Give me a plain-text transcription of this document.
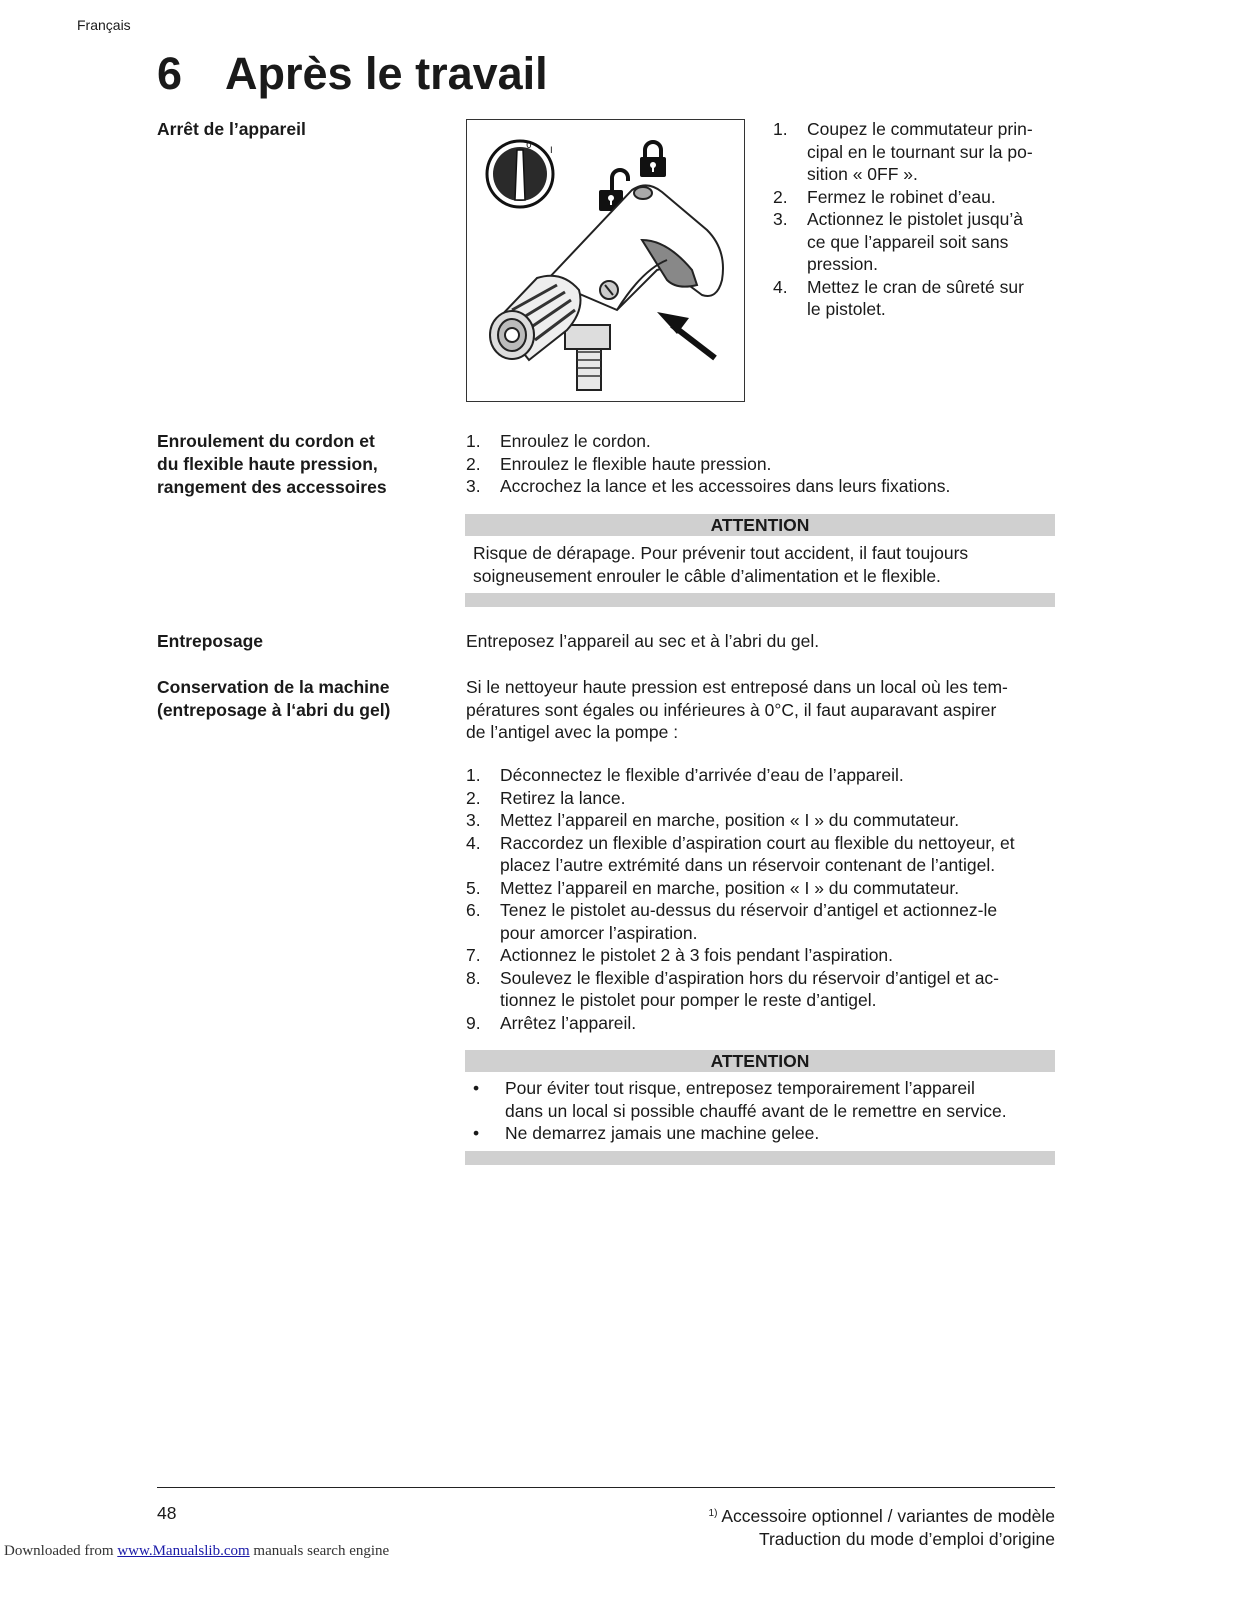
Français
6 Après le travail
Arrêt de l’appareil
0 I
1. Coupez le commutateur prin-
cipal en le tournant sur la po-
sition « 0FF ».
2. Fermez le robinet d’eau.
3. Actionnez le pistolet jusqu’à
ce que l’appareil soit sans
pression.
4. Mettez le cran de sûreté sur
le pistolet.
Enroulement du cordon et
du flexible haute pression,
rangement des accessoires
1. Enroulez le cordon.
2. Enroulez le flexible haute pression.
3. Accrochez la lance et les accessoires dans leurs fixations.
ATTENTION
Risque de dérapage. Pour prévenir tout accident, il faut toujours
soigneusement enrouler le câble d’alimentation et le flexible.
Entreposage	Entreposez l’appareil au sec et à l’abri du gel.
Conservation de la machine
(entreposage à l‘abri du gel)
Si le nettoyeur haute pression est entreposé dans un local où les tem-
pératures sont égales ou inférieures à 0°C, il faut auparavant aspirer
de l’antigel avec la pompe :
1. Déconnectez le flexible d’arrivée d’eau de l’appareil.
2. Retirez la lance.
3. Mettez l’appareil en marche, position « I » du commutateur.
4. Raccordez un flexible d’aspiration court au flexible du nettoyeur, et
placez l’autre extrémité dans un réservoir contenant de l’antigel.
5. Mettez l’appareil en marche, position « I » du commutateur.
6. Tenez le pistolet au-dessus du réservoir d’antigel et actionnez-le
pour amorcer l’aspiration.
7. Actionnez le pistolet 2 à 3 fois pendant l’aspiration.
8. Soulevez le flexible d’aspiration hors du réservoir d’antigel et ac-
tionnez le pistolet pour pomper le reste d’antigel.
9. Arrêtez l’appareil.
ATTENTION
• Pour éviter tout risque, entreposez temporairement l’appareil
dans un local si possible chauffé avant de le remettre en service.
• Ne demarrez jamais une machine gelee.
48	$^{1)}$ Accessoire optionnel / variantes de modèle
Traduction du mode d’emploi d’origine
Downloaded from www.Manualslib.com manuals search engine
